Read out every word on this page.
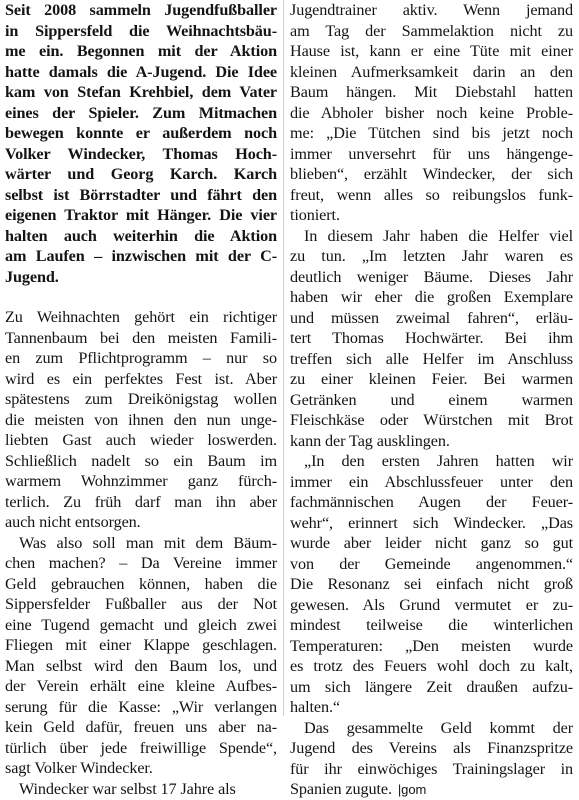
Seit 2008 sammeln Jugendfußballer
in Sippersfeld die Weihnachtsbäu-
me ein. Begonnen mit der Aktion
hatte damals die A-Jugend. Die Idee
kam von Stefan Krehbiel, dem Vater
eines der Spieler. Zum Mitmachen
bewegen konnte er außerdem noch
Volker Windecker, Thomas Hoch-
wärter und Georg Karch. Karch
selbst ist Börrstadter und fährt den
eigenen Traktor mit Hänger. Die vier
halten auch weiterhin die Aktion
am Laufen – inzwischen mit der C-
Jugend.
Zu Weihnachten gehört ein richtiger
Tannenbaum bei den meisten Famili-
en zum Pflichtprogramm – nur so
wird es ein perfektes Fest ist. Aber
spätestens zum Dreikönigstag wollen
die meisten von ihnen den nun unge-
liebten Gast auch wieder loswerden.
Schließlich nadelt so ein Baum im
warmem Wohnzimmer ganz fürch-
terlich. Zu früh darf man ihn aber
auch nicht entsorgen.
Was also soll man mit dem Bäum-
chen machen? – Da Vereine immer
Geld gebrauchen können, haben die
Sippersfelder Fußballer aus der Not
eine Tugend gemacht und gleich zwei
Fliegen mit einer Klappe geschlagen.
Man selbst wird den Baum los, und
der Verein erhält eine kleine Aufbes-
serung für die Kasse: „Wir verlangen
kein Geld dafür, freuen uns aber na-
türlich über jede freiwillige Spende“,
sagt Volker Windecker.
Windecker war selbst 17 Jahre als
Jugendtrainer aktiv. Wenn jemand
am Tag der Sammelaktion nicht zu
Hause ist, kann er eine Tüte mit einer
kleinen Aufmerksamkeit darin an den
Baum hängen. Mit Diebstahl hatten
die Abholer bisher noch keine Proble-
me: „Die Tütchen sind bis jetzt noch
immer unversehrt für uns hängenge-
blieben“, erzählt Windecker, der sich
freut, wenn alles so reibungslos funk-
tioniert.
In diesem Jahr haben die Helfer viel
zu tun. „Im letzten Jahr waren es
deutlich weniger Bäume. Dieses Jahr
haben wir eher die großen Exemplare
und müssen zweimal fahren“, erläu-
tert Thomas Hochwärter. Bei ihm
treffen sich alle Helfer im Anschluss
zu einer kleinen Feier. Bei warmen
Getränken und einem warmen
Fleischkäse oder Würstchen mit Brot
kann der Tag ausklingen.
„In den ersten Jahren hatten wir
immer ein Abschlussfeuer unter den
fachmännischen Augen der Feuer-
wehr“, erinnert sich Windecker. „Das
wurde aber leider nicht ganz so gut
von der Gemeinde angenommen.“
Die Resonanz sei einfach nicht groß
gewesen. Als Grund vermutet er zu-
mindest teilweise die winterlichen
Temperaturen: „Den meisten wurde
es trotz des Feuers wohl doch zu kalt,
um sich längere Zeit draußen aufzu-
halten.“
Das gesammelte Geld kommt der
Jugend des Vereins als Finanzspritze
für ihr einwöchiges Trainingslager in
Spanien zugute. |gom
